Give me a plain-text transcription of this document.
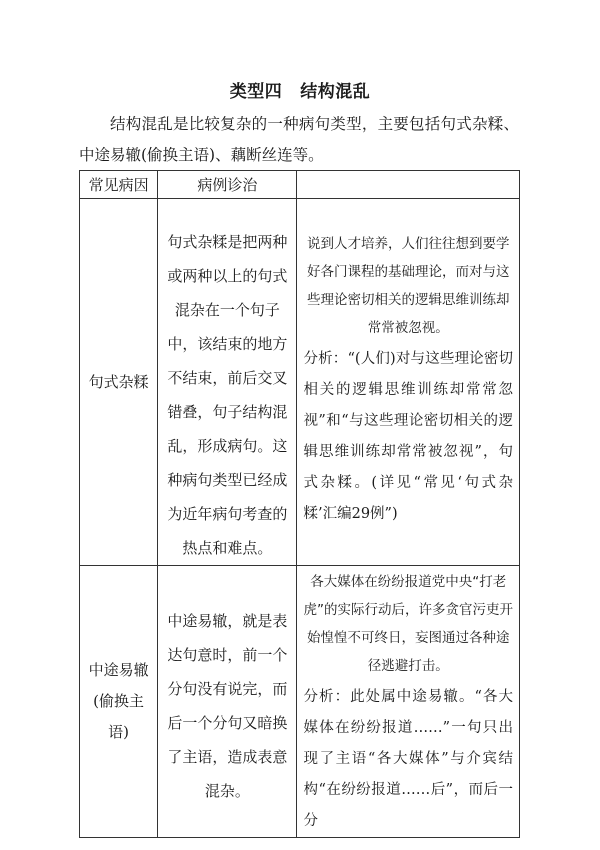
类型四 结构混乱
结构混乱是比较复杂的一种病句类型，主要包括句式杂糅、中途易辙(偷换主语)、藕断丝连等。
常见病因	病例诊治	
句式杂糅	句式杂糅是把两种或两种以上的句式混杂在一个句子中，该结束的地方不结束，前后交叉错叠，句子结构混乱，形成病句。这种病句类型已经成为近年病句考查的热点和难点。	说到人才培养，人们往往想到要学好各门课程的基础理论，而对与这些理论密切相关的逻辑思维训练却常常被忽视。
分析：“(人们)对与这些理论密切相关的逻辑思维训练却常常忽视”和“与这些理论密切相关的逻辑思维训练却常常被忽视”，句式杂糅。(详见“常见‘句式杂糅’汇编29例”)

中途易辙(偷换主语)	中途易辙，就是表达句意时，前一个分句没有说完，而后一个分句又暗换了主语，造成表意混杂。	各大媒体在纷纷报道党中央“打老虎”的实际行动后，许多贪官污吏开始惶惶不可终日，妄图通过各种途径逃避打击。
分析：此处属中途易辙。“各大媒体在纷纷报道……”一句只出现了主语“各大媒体”与介宾结构“在纷纷报道……后”，而后一分
